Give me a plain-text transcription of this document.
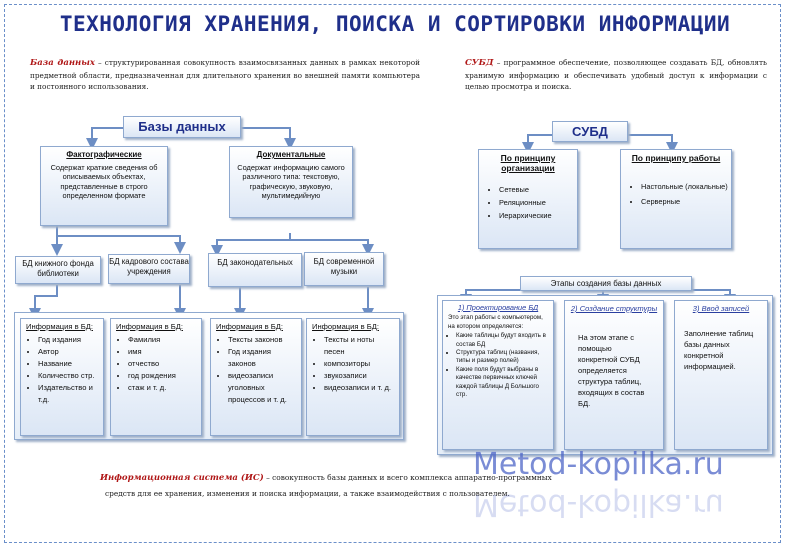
ТЕХНОЛОГИЯ ХРАНЕНИЯ, ПОИСКА И СОРТИРОВКИ ИНФОРМАЦИИ
База данных – структурированная совокупность взаимосвязанных данных в рамках некоторой предметной области, предназначенная для длительного хранения во внешней памяти компьютера и постоянного использования.
СУБД – программное обеспечение, позволяющее создавать БД, обновлять хранимую информацию и обеспечивать удобный доступ к информации с целью просмотра и поиска.
Базы данных
Фактографические
Содержат краткие сведения об описываемых объектах, представленные в строго определенном формате
Документальные
Содержат информацию самого различного типа: текстовую, графическую, звуковую, мультимедийную
БД книжного фонда библиотеки
БД кадрового состава учреждения
БД законодательных	БД современной музыки
Информация в БД:
• Год издания
• Автор
• Название
• Количество стр.
• Издательство и т.д.
Информация в БД:
• Фамилия
• имя
• отчество
• год рождения
• стаж и т. д.
Информация в БД:
• Тексты законов
• Год издания законов
• видеозаписи уголовных процессов и т. д.
Информация в БД:
• Тексты и ноты песен
• композиторы
• звукозаписи
• видеозаписи и т. д.
СУБД
По принципу организации
• Сетевые
• Реляционные
• Иерархические
По принципу работы
• Настольные (локальные)
• Серверные
Этапы создания базы данных
1) Проектирование БД
Это этап работы с компьютером, на котором определяется:
• Какие таблицы будут входить в состав БД
• Структура таблиц (названия, типы и размер полей)
• Какие поля будут выбраны в качестве первичных ключей каждой таблицы Д Большого стр.
2) Создание структуры
На этом этапе с помощью конкретной СУБД определяется структура таблиц, входящих в состав БД.
3) Ввод записей
Заполнение таблиц базы данных конкретной информацией.
Информационная система (ИС) – совокупность базы данных и всего комплекса аппаратно-программных
средств для ее хранения, изменения и поиска информации, а также взаимодействия с пользователем.
Metod-kopilka.ru
Metod-kopilka.ru
